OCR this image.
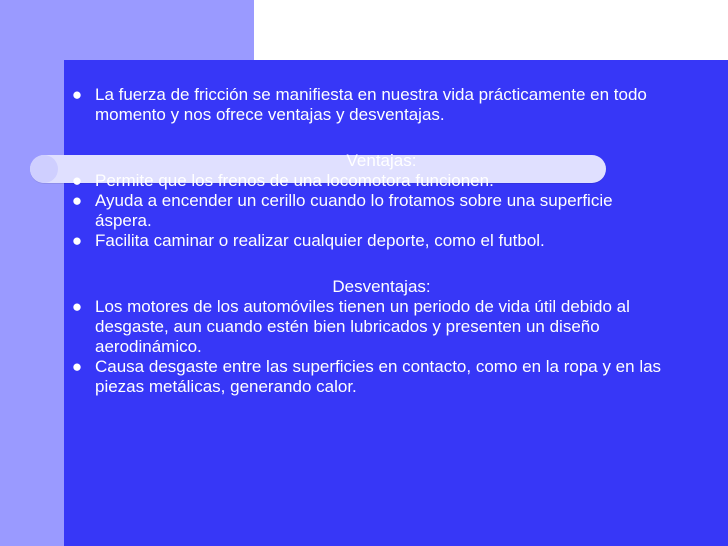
● La fuerza de fricción se manifiesta en nuestra vida prácticamente en todo momento y nos ofrece ventajas y desventajas.
Ventajas:
● Permite que los frenos de una locomotora funcionen.
● Ayuda a encender un cerillo cuando lo frotamos sobre una superficie áspera.
● Facilita caminar o realizar cualquier deporte, como el futbol.
Desventajas:
● Los motores de los automóviles tienen un periodo de vida útil debido al desgaste, aun cuando estén bien lubricados y presenten un diseño aerodinámico.
● Causa desgaste entre las superficies en contacto, como en la ropa y en las piezas metálicas, generando calor.
